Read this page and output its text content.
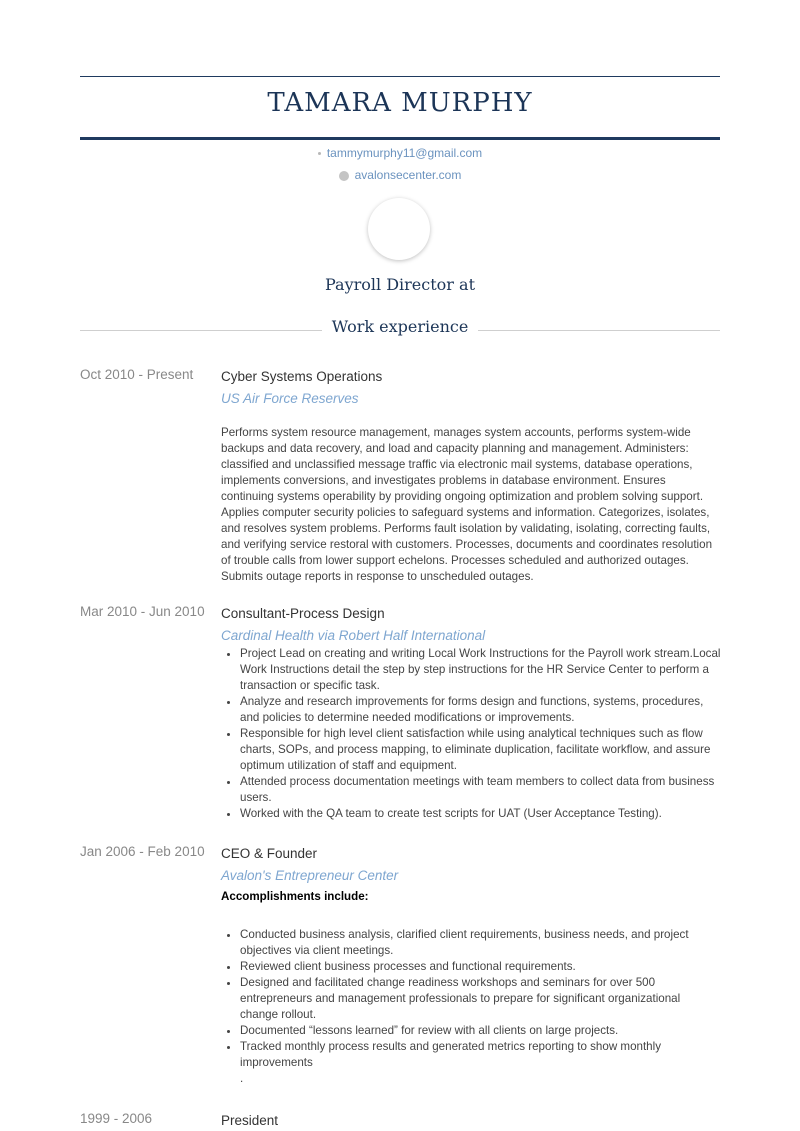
TAMARA MURPHY
tammymurphy11@gmail.com
avalonsecenter.com
Payroll Director at
Work experience
Oct 2010 - Present Cyber Systems Operations
US Air Force Reserves
Performs system resource management, manages system accounts, performs system-wide backups and data recovery, and load and capacity planning and management. Administers: classified and unclassified message traffic via electronic mail systems, database operations, implements conversions, and investigates problems in database environment. Ensures continuing systems operability by providing ongoing optimization and problem solving support. Applies computer security policies to safeguard systems and information. Categorizes, isolates, and resolves system problems. Performs fault isolation by validating, isolating, correcting faults, and verifying service restoral with customers. Processes, documents and coordinates resolution of trouble calls from lower support echelons. Processes scheduled and authorized outages. Submits outage reports in response to unscheduled outages.
Mar 2010 - Jun 2010 Consultant-Process Design
Cardinal Health via Robert Half International
• Project Lead on creating and writing Local Work Instructions for the Payroll work stream.Local Work Instructions detail the step by step instructions for the HR Service Center to perform a transaction or specific task.
• Analyze and research improvements for forms design and functions, systems, procedures, and policies to determine needed modifications or improvements.
• Responsible for high level client satisfaction while using analytical techniques such as flow charts, SOPs, and process mapping, to eliminate duplication, facilitate workflow, and assure optimum utilization of staff and equipment.
• Attended process documentation meetings with team members to collect data from business users.
• Worked with the QA team to create test scripts for UAT (User Acceptance Testing).
Jan 2006 - Feb 2010 CEO & Founder
Avalon's Entrepreneur Center
Accomplishments include:
• Conducted business analysis, clarified client requirements, business needs, and project objectives via client meetings.
• Reviewed client business processes and functional requirements.
• Designed and facilitated change readiness workshops and seminars for over 500 entrepreneurs and management professionals to prepare for significant organizational change rollout.
• Documented “lessons learned” for review with all clients on large projects.
• Tracked monthly process results and generated metrics reporting to show monthly improvements
.
1999 - 2006	President
